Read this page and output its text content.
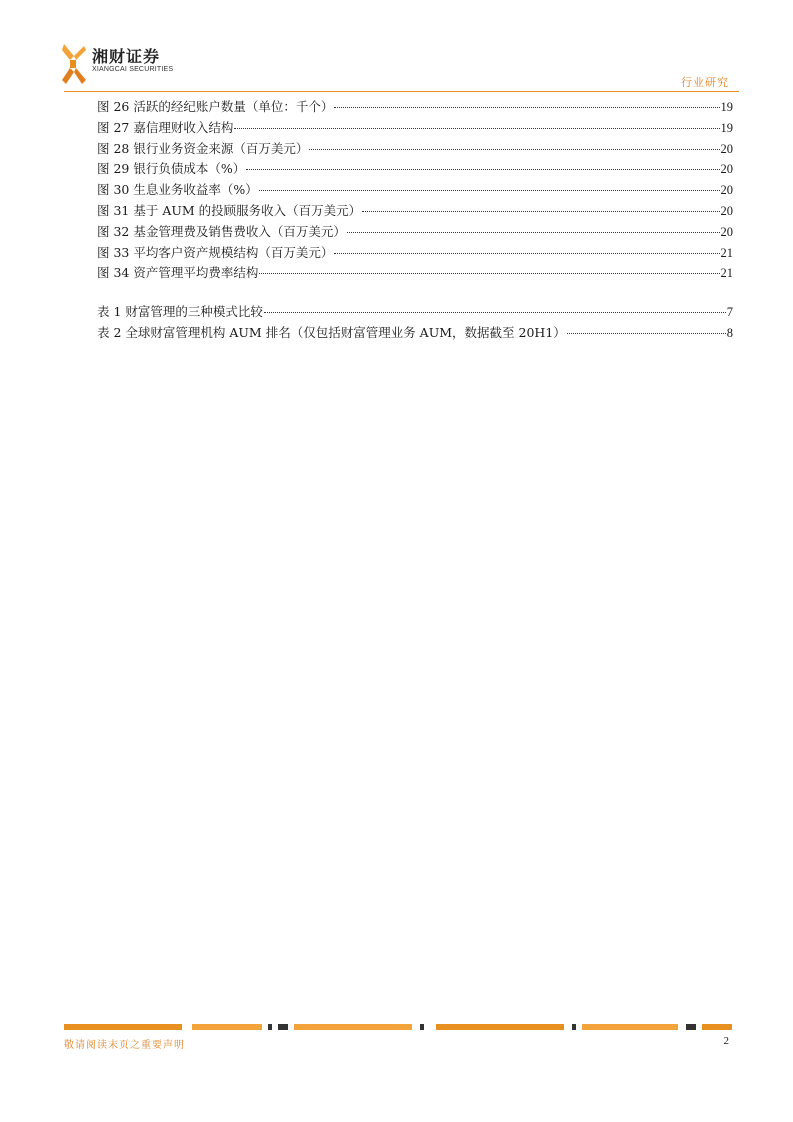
湘财证券
XIANGCAI SECURITIES
行业研究
图 26 活跃的经纪账户数量（单位：千个）	19
图 27 嘉信理财收入结构	19
图 28 银行业务资金来源（百万美元）	20
图 29 银行负债成本（%）	20
图 30 生息业务收益率（%）	20
图 31 基于 AUM 的投顾服务收入（百万美元）	20
图 32 基金管理费及销售费收入（百万美元）	20
图 33 平均客户资产规模结构（百万美元）	21
图 34 资产管理平均费率结构	21
表 1 财富管理的三种模式比较	7
表 2 全球财富管理机构 AUM 排名（仅包括财富管理业务 AUM，数据截至 20H1）	8
敬请阅读末页之重要声明	2
